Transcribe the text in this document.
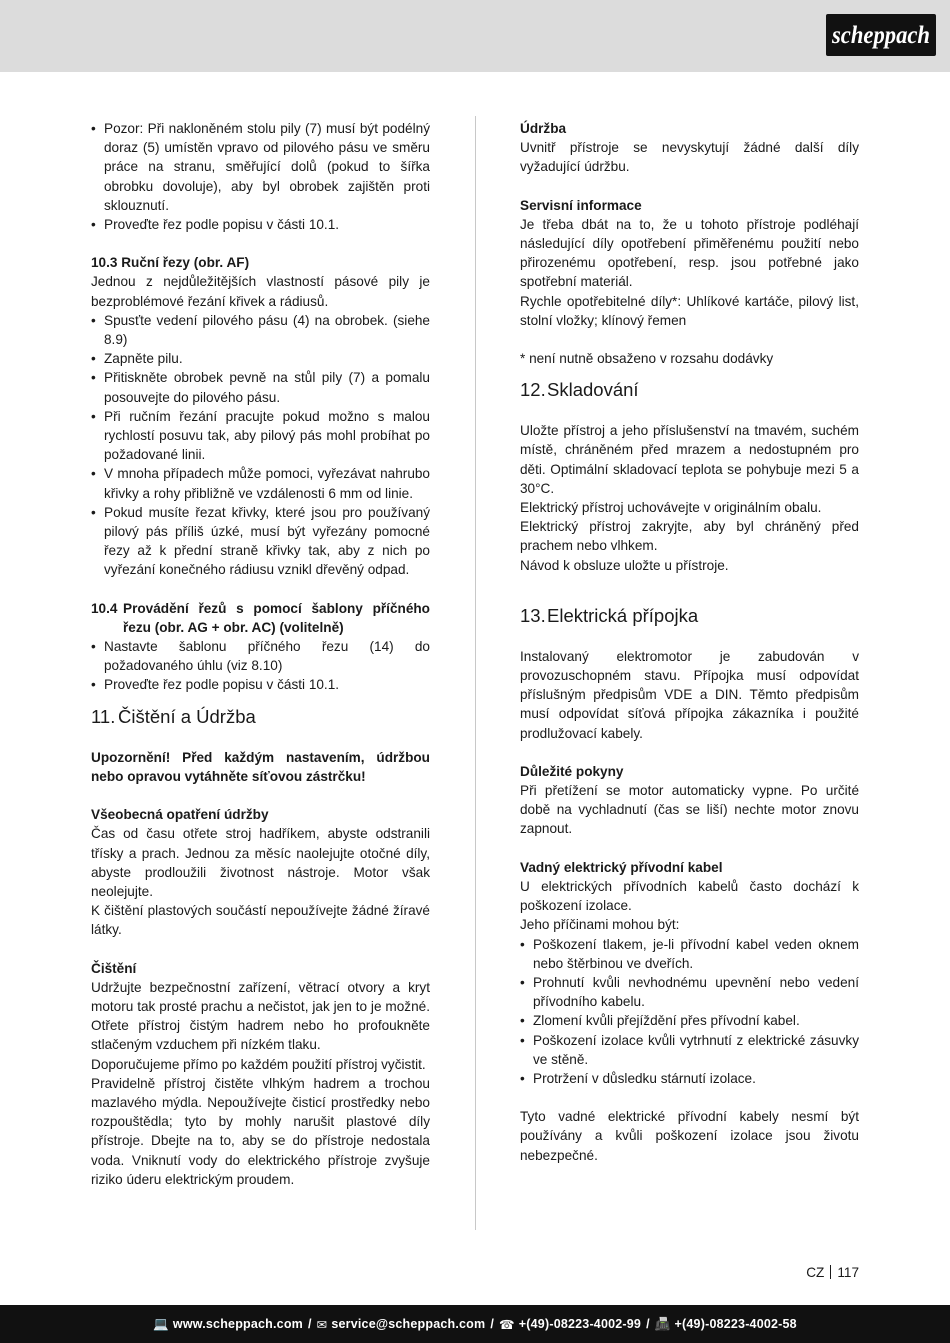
scheppach
• Pozor: Při nakloněném stolu pily (7) musí být podélný doraz (5) umístěn vpravo od pilového pásu ve směru práce na stranu, směřující dolů (pokud to šířka obrobku dovoluje), aby byl obrobek zajištěn proti sklouznutí.
• Proveďte řez podle popisu v části 10.1.

10.3 Ruční řezy (obr. AF)

Jednou z nejdůležitějších vlastností pásové pily je bezproblémové řezání křivek a rádiusů.

• Spusťte vedení pilového pásu (4) na obrobek. (siehe 8.9)
• Zapněte pilu.
• Přitiskněte obrobek pevně na stůl pily (7) a pomalu posouvejte do pilového pásu.
• Při ručním řezání pracujte pokud možno s malou rychlostí posuvu tak, aby pilový pás mohl probíhat po požadované linii.
• V mnoha případech může pomoci, vyřezávat nahrubo křivky a rohy přibližně ve vzdálenosti 6 mm od linie.
• Pokud musíte řezat křivky, které jsou pro používaný pilový pás příliš úzké, musí být vyřezány pomocné řezy až k přední straně křivky tak, aby z nich po vyřezání konečného rádiusu vznikl dřevěný odpad.
10.4 Provádění řezů s pomocí šablony příčného řezu (obr. AG + obr. AC) (volitelně)
• Nastavte šablonu příčného řezu (14) do požadovaného úhlu (viz 8.10)
• Proveďte řez podle popisu v části 10.1.
11. Čištění a Údržba

Upozornění! Před každým nastavením, údržbou nebo opravou vytáhněte síťovou zástrčku!

Všeobecná opatření údržby

Čas od času otřete stroj hadříkem, abyste odstranili třísky a prach. Jednou za měsíc naolejujte otočné díly, abyste prodloužili životnost nástroje. Motor však neolejujte.

K čištění plastových součástí nepoužívejte žádné žíravé látky.

Čištění

Udržujte bezpečnostní zařízení, větrací otvory a kryt motoru tak prosté prachu a nečistot, jak jen to je možné. Otřete přístroj čistým hadrem nebo ho profoukněte stlačeným vzduchem při nízkém tlaku.

Doporučujeme přímo po každém použití přístroj vyčistit.

Pravidelně přístroj čistěte vlhkým hadrem a trochou mazlavého mýdla. Nepoužívejte čisticí prostředky nebo rozpouštědla; tyto by mohly narušit plastové díly přístroje. Dbejte na to, aby se do přístroje nedostala voda. Vniknutí vody do elektrického přístroje zvyšuje riziko úderu elektrickým proudem.

Údržba

Uvnitř přístroje se nevyskytují žádné další díly vyžadující údržbu.

Servisní informace

Je třeba dbát na to, že u tohoto přístroje podléhají následující díly opotřebení přiměřenému použití nebo přirozenému opotřebení, resp. jsou potřebné jako spotřební materiál.

Rychle opotřebitelné díly*: Uhlíkové kartáče, pilový list, stolní vložky; klínový řemen

* není nutně obsaženo v rozsahu dodávky

12.Skladování

Uložte přístroj a jeho příslušenství na tmavém, suchém místě, chráněném před mrazem a nedostupném pro děti. Optimální skladovací teplota se pohybuje mezi 5 a 30°C.

Elektrický přístroj uchovávejte v originálním obalu.

Elektrický přístroj zakryjte, aby byl chráněný před prachem nebo vlhkem.

Návod k obsluze uložte u přístroje.

13.Elektrická přípojka

Instalovaný elektromotor je zabudován v provozuschopném stavu. Přípojka musí odpovídat příslušným předpisům VDE a DIN. Těmto předpisům musí odpovídat síťová přípojka zákazníka i použité prodlužovací kabely.

Důležité pokyny

Při přetížení se motor automaticky vypne. Po určité době na vychladnutí (čas se liší) nechte motor znovu zapnout.

Vadný elektrický přívodní kabel

U elektrických přívodních kabelů často dochází k poškození izolace.

Jeho příčinami mohou být:

• Poškození tlakem, je-li přívodní kabel veden oknem nebo štěrbinou ve dveřích.
• Prohnutí kvůli nevhodnému upevnění nebo vedení přívodního kabelu.
• Zlomení kvůli přejíždění přes přívodní kabel.
• Poškození izolace kvůli vytrhnutí z elektrické zásuvky ve stěně.
• Protržení v důsledku stárnutí izolace.

Tyto vadné elektrické přívodní kabely nesmí být používány a kvůli poškození izolace jsou životu nebezpečné.

CZ 117
💻 www.scheppach.com / ✉ service@scheppach.com / ☎ +(49)-08223-4002-99 / 📠 +(49)-08223-4002-58
